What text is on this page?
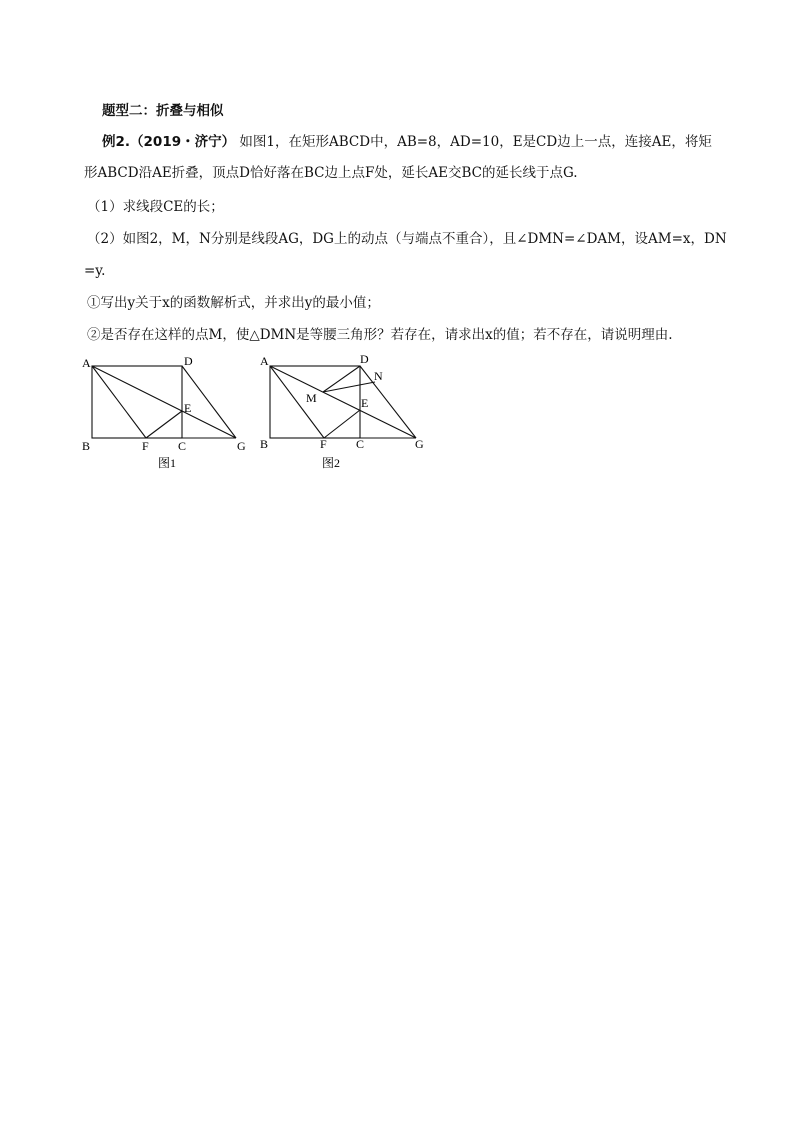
题型二：折叠与相似
例2.（2019・济宁） 如图1，在矩形ABCD中，AB=8，AD=10，E是CD边上一点，连接AE，将矩
形ABCD沿AE折叠，顶点D恰好落在BC边上点F处，延长AE交BC的延长线于点G.
（1）求线段CE的长；
（2）如图2，M，N分别是线段AG，DG上的动点（与端点不重合），且∠DMN=∠DAM，设AM=x，DN
=y.
①写出y关于x的函数解析式，并求出y的最小值；
②是否存在这样的点M，使△DMN是等腰三角形？若存在，请求出x的值；若不存在，请说明理由.
A	D
E
B	F C	G
图1
A	D
N
M	E
B	F C	G
图2
